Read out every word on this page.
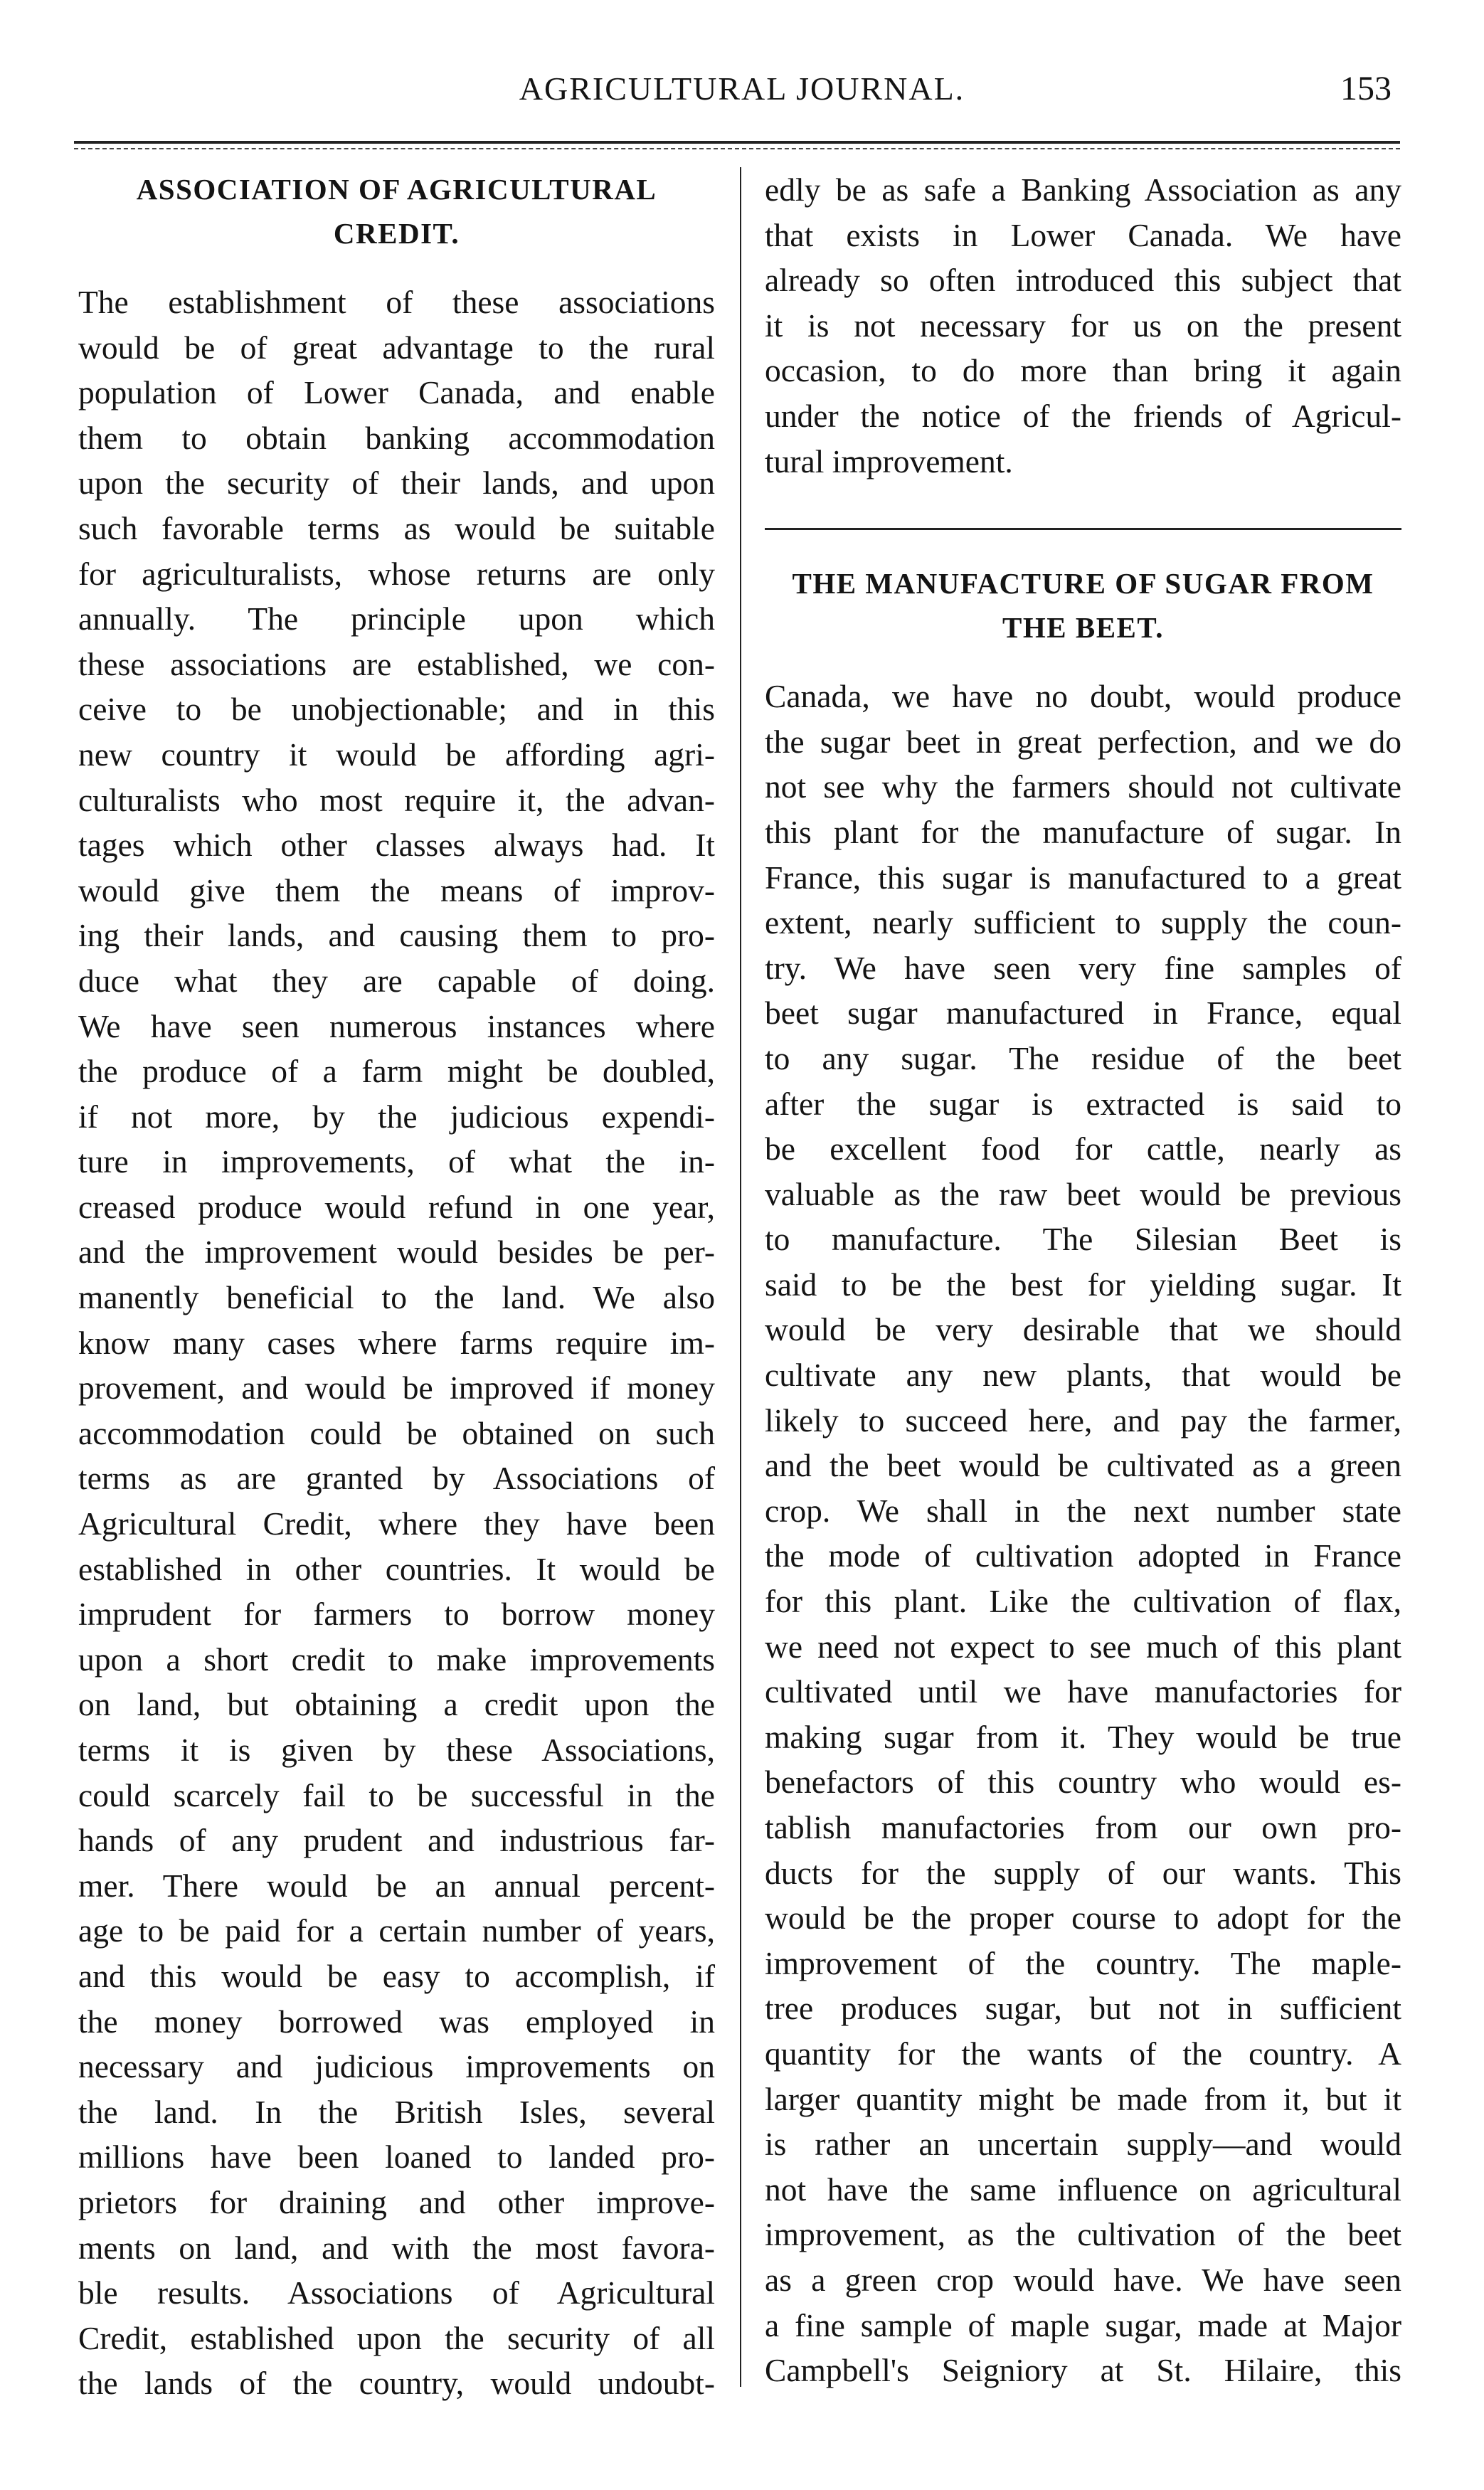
AGRICULTURAL JOURNAL.	153
ASSOCIATION OF AGRICULTURAL
CREDIT.

The establishment of these associations
would be of great advantage to the rural
population of Lower Canada, and enable
them to obtain banking accommodation
upon the security of their lands, and upon
such favorable terms as would be suitable
for agriculturalists, whose returns are only
annually. The principle upon which
these associations are established, we con-
ceive to be unobjectionable; and in this
new country it would be affording agri-
culturalists who most require it, the advan-
tages which other classes always had. It
would give them the means of improv-
ing their lands, and causing them to pro-
duce what they are capable of doing.
We have seen numerous instances where
the produce of a farm might be doubled,
if not more, by the judicious expendi-
ture in improvements, of what the in-
creased produce would refund in one year,
and the improvement would besides be per-
manently beneficial to the land. We also
know many cases where farms require im-
provement, and would be improved if money
accommodation could be obtained on such
terms as are granted by Associations of
Agricultural Credit, where they have been
established in other countries. It would be
imprudent for farmers to borrow money
upon a short credit to make improvements
on land, but obtaining a credit upon the
terms it is given by these Associations,
could scarcely fail to be successful in the
hands of any prudent and industrious far-
mer. There would be an annual percent-
age to be paid for a certain number of years,
and this would be easy to accomplish, if
the money borrowed was employed in
necessary and judicious improvements on
the land. In the British Isles, several
millions have been loaned to landed pro-
prietors for draining and other improve-
ments on land, and with the most favora-
ble results. Associations of Agricultural
Credit, established upon the security of all
the lands of the country, would undoubt-

edly be as safe a Banking Association as any
that exists in Lower Canada. We have
already so often introduced this subject that
it is not necessary for us on the present
occasion, to do more than bring it again
under the notice of the friends of Agricul-
tural improvement.

THE MANUFACTURE OF SUGAR FROM
THE BEET.

Canada, we have no doubt, would produce
the sugar beet in great perfection, and we do
not see why the farmers should not cultivate
this plant for the manufacture of sugar. In
France, this sugar is manufactured to a great
extent, nearly sufficient to supply the coun-
try. We have seen very fine samples of
beet sugar manufactured in France, equal
to any sugar. The residue of the beet
after the sugar is extracted is said to
be excellent food for cattle, nearly as
valuable as the raw beet would be previous
to manufacture. The Silesian Beet is
said to be the best for yielding sugar. It
would be very desirable that we should
cultivate any new plants, that would be
likely to succeed here, and pay the farmer,
and the beet would be cultivated as a green
crop. We shall in the next number state
the mode of cultivation adopted in France
for this plant. Like the cultivation of flax,
we need not expect to see much of this plant
cultivated until we have manufactories for
making sugar from it. They would be true
benefactors of this country who would es-
tablish manufactories from our own pro-
ducts for the supply of our wants. This
would be the proper course to adopt for the
improvement of the country. The maple-
tree produces sugar, but not in sufficient
quantity for the wants of the country. A
larger quantity might be made from it, but it
is rather an uncertain supply—and would
not have the same influence on agricultural
improvement, as the cultivation of the beet
as a green crop would have. We have seen
a fine sample of maple sugar, made at Major
Campbell's Seigniory at St. Hilaire, this
